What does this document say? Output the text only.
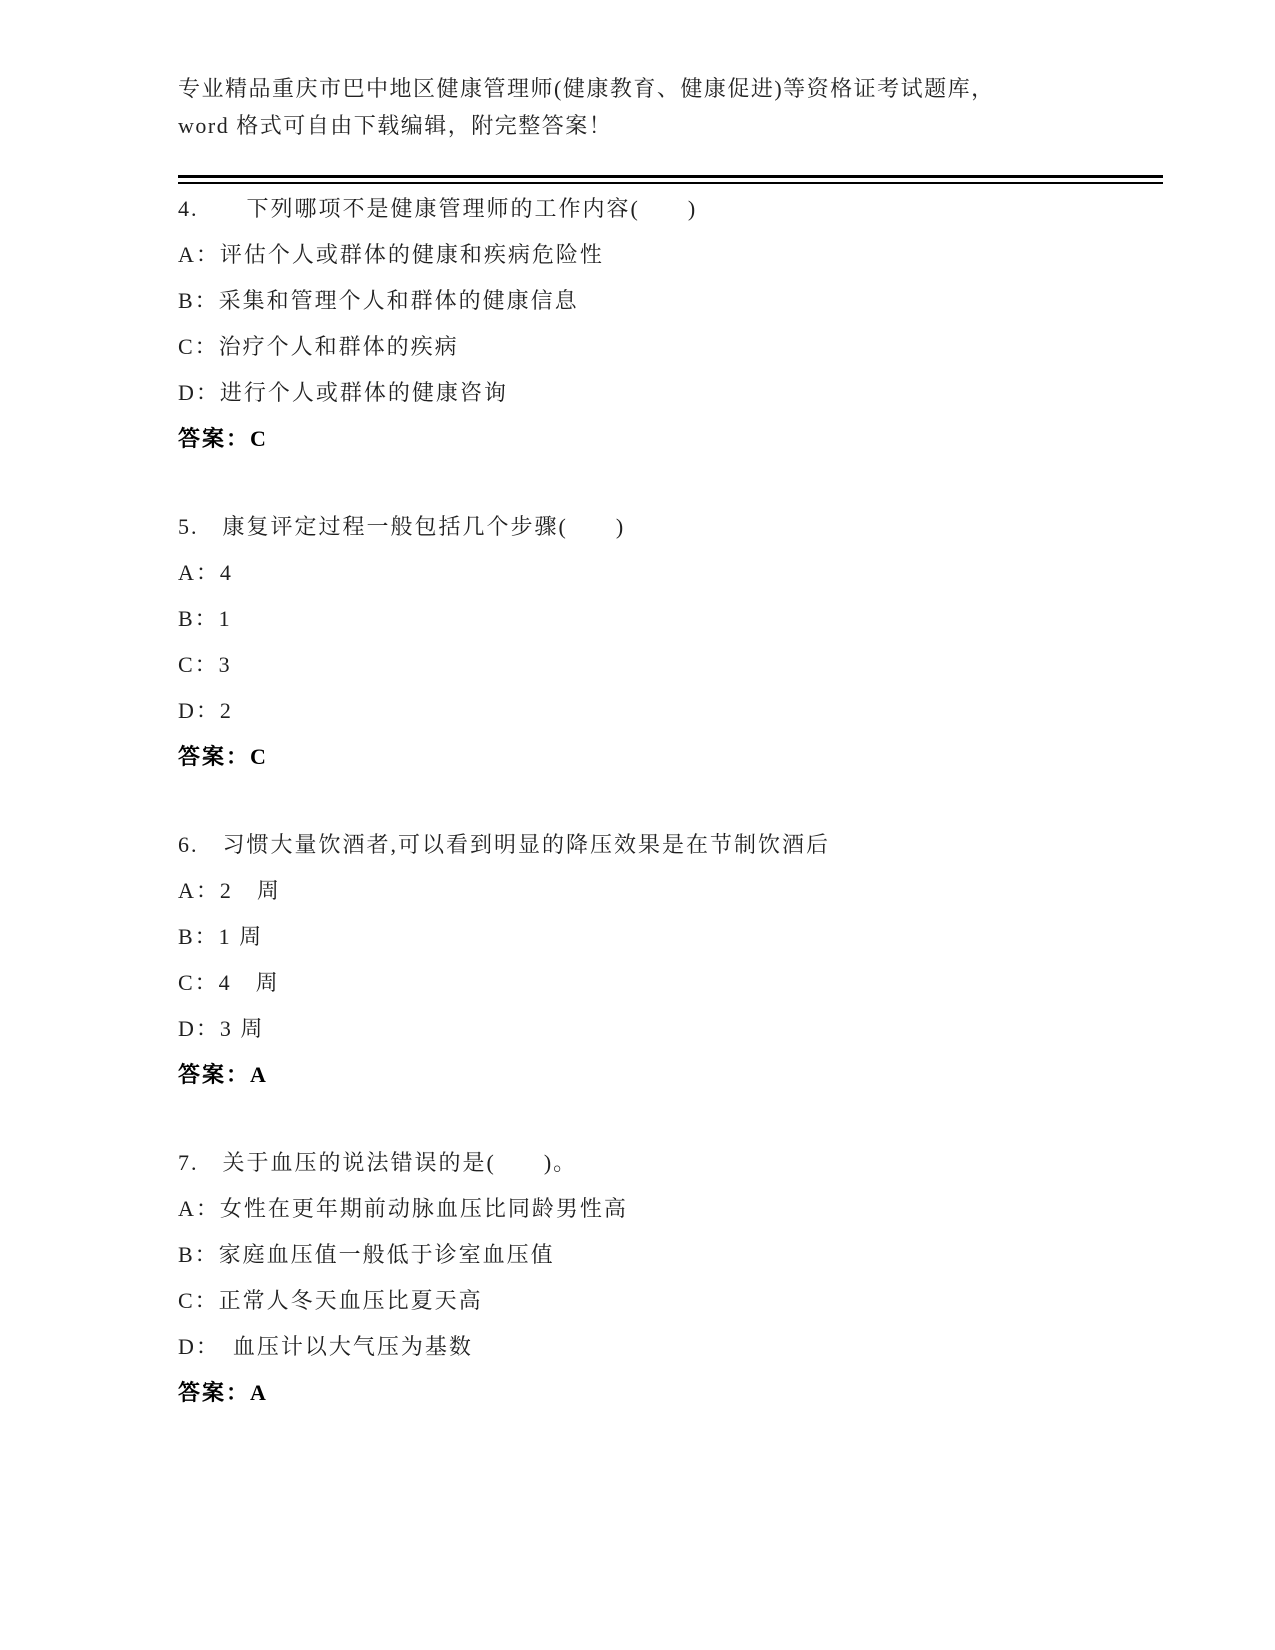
专业精品重庆市巴中地区健康管理师(健康教育、健康促进)等资格证考试题库，
word 格式可自由下载编辑，附完整答案！
4.　　下列哪项不是健康管理师的工作内容(　　)
A：评估个人或群体的健康和疾病危险性
B：采集和管理个人和群体的健康信息
C：治疗个人和群体的疾病
D：进行个人或群体的健康咨询
答案：C
5.　康复评定过程一般包括几个步骤(　　)
A：4
B：1
C：3
D：2
答案：C
6.　习惯大量饮酒者,可以看到明显的降压效果是在节制饮酒后
A：2　周
B：1 周
C：4　周
D：3 周
答案：A
7.　关于血压的说法错误的是(　　)。
A：女性在更年期前动脉血压比同龄男性高
B：家庭血压值一般低于诊室血压值
C：正常人冬天血压比夏天高
D：　血压计以大气压为基数
答案：A
